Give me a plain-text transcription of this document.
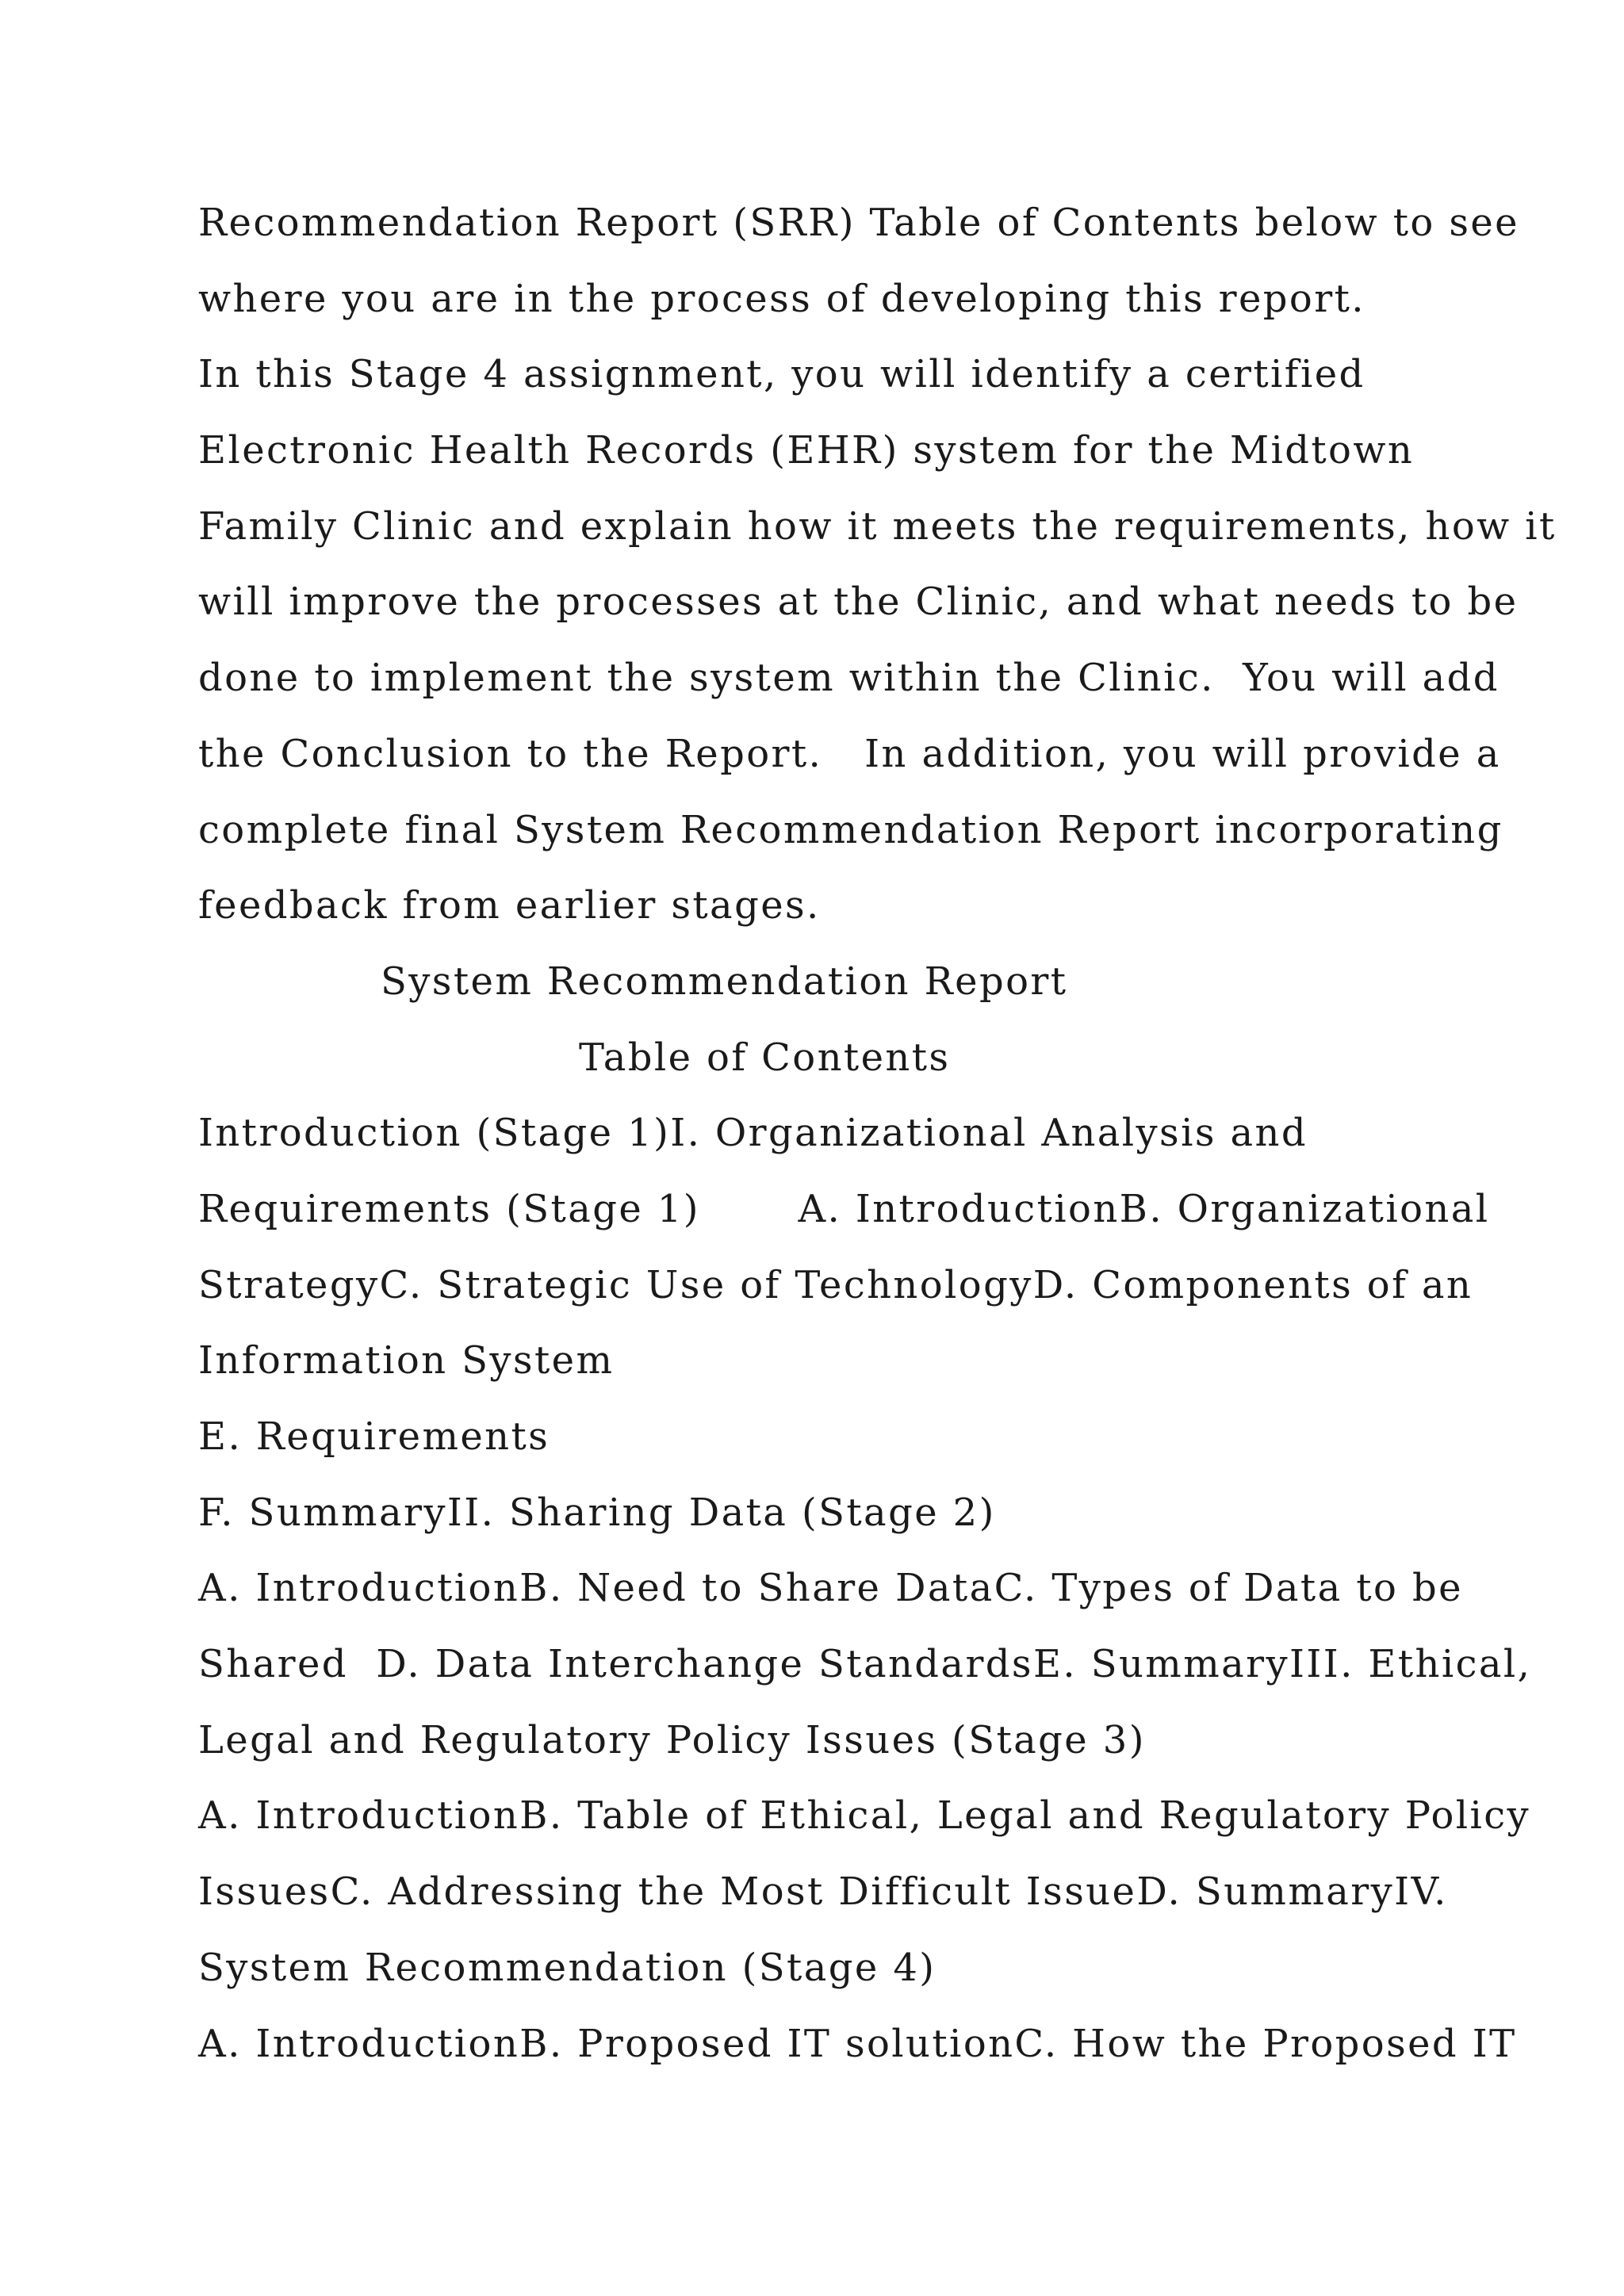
Recommendation Report (SRR) Table of Contents below to see
where you are in the process of developing this report.
In this Stage 4 assignment, you will identify a certified
Electronic Health Records (EHR) system for the Midtown
Family Clinic and explain how it meets the requirements, how it
will improve the processes at the Clinic, and what needs to be
done to implement the system within the Clinic.  You will add
the Conclusion to the Report.   In addition, you will provide a
complete final System Recommendation Report incorporating
feedback from earlier stages.
System Recommendation Report
Table of Contents
Introduction (Stage 1)I. Organizational Analysis and
Requirements (Stage 1)       A. IntroductionB. Organizational
StrategyC. Strategic Use of TechnologyD. Components of an
Information System
E. Requirements
F. SummaryII. Sharing Data (Stage 2)
A. IntroductionB. Need to Share DataC. Types of Data to be
Shared  D. Data Interchange StandardsE. SummaryIII. Ethical,
Legal and Regulatory Policy Issues (Stage 3)
A. IntroductionB. Table of Ethical, Legal and Regulatory Policy
IssuesC. Addressing the Most Difficult IssueD. SummaryIV.
System Recommendation (Stage 4)
A. IntroductionB. Proposed IT solutionC. How the Proposed IT
